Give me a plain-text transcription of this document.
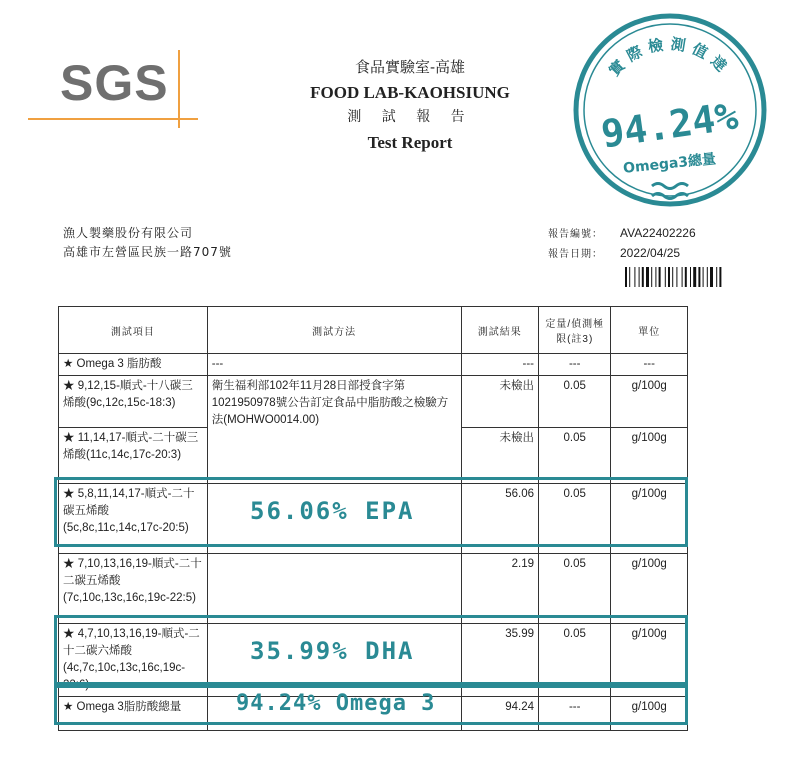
SGS	食品實驗室-高雄
FOOD LAB-KAOHSIUNG
測 試 報 告
Test Report
實際檢測值達
94.24%
Omega3總量
漁人製藥股份有限公司
高雄市左營區民族一路707號
報告編號： AVA22402226
報告日期： 2022/04/25
測試項目	測試方法	測試結果	定量/偵測極限(註3)	單位
★ Omega 3 脂肪酸	---	---	---	---
★ 9,12,15-順式-十八碳三烯酸(9c,12c,15c-18:3)	衛生福利部102年11月28日部授食字第1021950978號公告訂定食品中脂肪酸之檢驗方法(MOHWO0014.00)	未檢出	0.05	g/100g
★ 11,14,17-順式-二十碳三烯酸(11c,14c,17c-20:3)		未檢出	0.05	g/100g
★ 5,8,11,14,17-順式-二十碳五烯酸(5c,8c,11c,14c,17c-20:5)		56.06	0.05	g/100g
★ 7,10,13,16,19-順式-二十二碳五烯酸(7c,10c,13c,16c,19c-22:5)		2.19	0.05	g/100g
★ 4,7,10,13,16,19-順式-二十二碳六烯酸(4c,7c,10c,13c,16c,19c-22:6)		35.99	0.05	g/100g
★ Omega 3脂肪酸總量		94.24	---	g/100g
56.06% EPA
35.99% DHA
94.24% Omega 3
